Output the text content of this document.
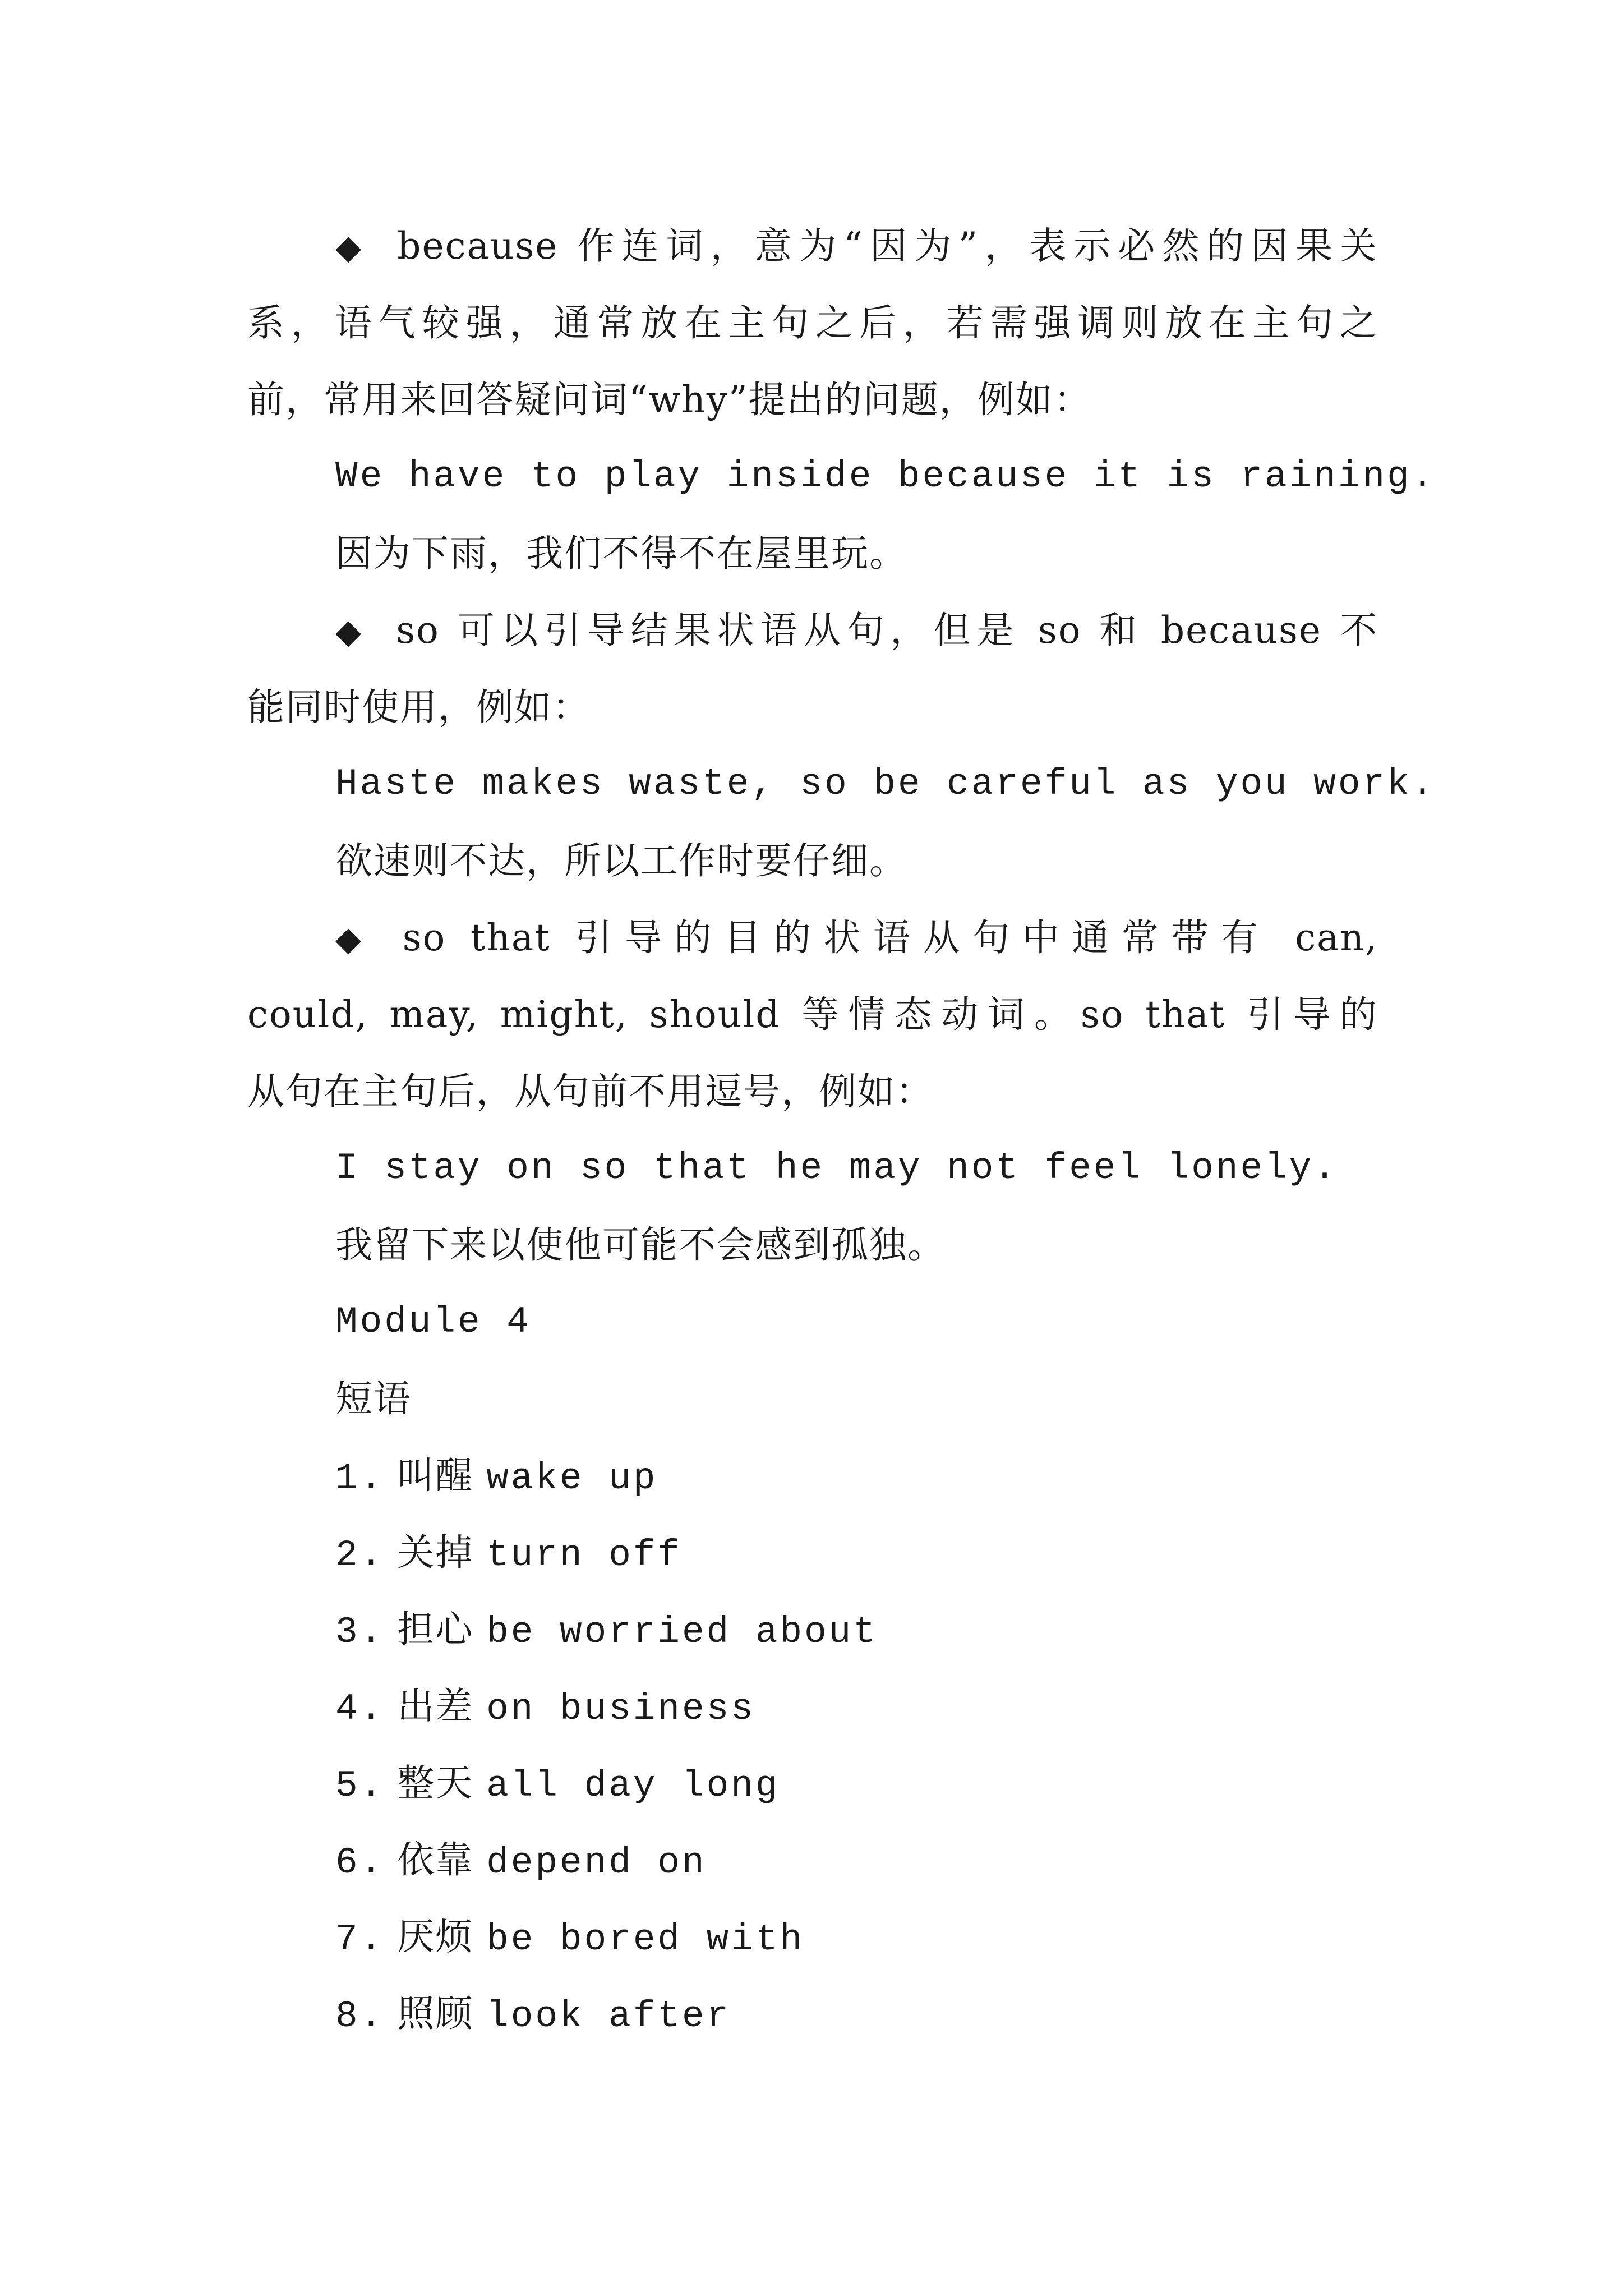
◆ because 作连词，意为“因为”，表示必然的因果关
系，语气较强，通常放在主句之后，若需强调则放在主句之
前，常用来回答疑问词“why”提出的问题，例如：
We have to play inside because it is raining.
因为下雨，我们不得不在屋里玩。
◆ so 可以引导结果状语从句，但是 so 和 because 不
能同时使用，例如：
Haste makes waste, so be careful as you work.
欲速则不达，所以工作时要仔细。
◆ so that 引导的目的状语从句中通常带有 can,
could, may, might, should 等情态动词。so that 引导的
从句在主句后，从句前不用逗号，例如：
I stay on so that he may not feel lonely.
我留下来以使他可能不会感到孤独。
Module 4
短语
1. 叫醒 wake up
2. 关掉 turn off
3. 担心 be worried about
4. 出差 on business
5. 整天 all day long
6. 依靠 depend on
7. 厌烦 be bored with
8. 照顾 look after
